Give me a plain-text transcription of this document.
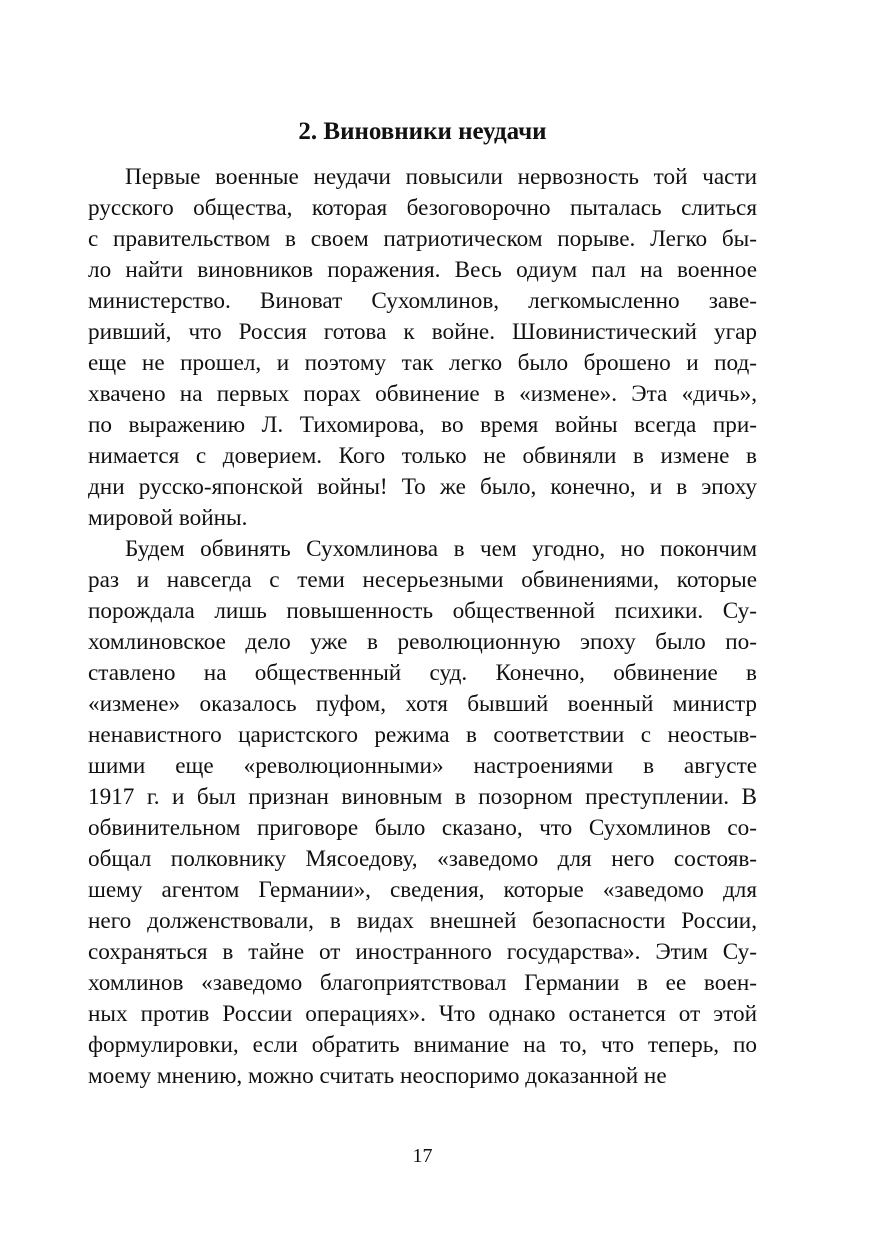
2. Виновники неудачи
Первые военные неудачи повысили нервозность той части
русского общества, которая безоговорочно пыталась слиться
с правительством в своем патриотическом порыве. Легко бы-
ло найти виновников поражения. Весь одиум пал на военное
министерство. Виноват Сухомлинов, легкомысленно заве-
ривший, что Россия готова к войне. Шовинистический угар
еще не прошел, и поэтому так легко было брошено и под-
хвачено на первых порах обвинение в «измене». Эта «дичь»,
по выражению Л. Тихомирова, во время войны всегда при-
нимается с доверием. Кого только не обвиняли в измене в
дни русско-японской войны! То же было, конечно, и в эпоху
мировой войны.
Будем обвинять Сухомлинова в чем угодно, но покончим
раз и навсегда с теми несерьезными обвинениями, которые
порождала лишь повышенность общественной психики. Су-
хомлиновское дело уже в революционную эпоху было по-
ставлено на общественный суд. Конечно, обвинение в
«измене» оказалось пуфом, хотя бывший военный министр
ненавистного царистского режима в соответствии с неостыв-
шими еще «революционными» настроениями в августе
1917 г. и был признан виновным в позорном преступлении. В
обвинительном приговоре было сказано, что Сухомлинов со-
общал полковнику Мясоедову, «заведомо для него состояв-
шему агентом Германии», сведения, которые «заведомо для
него долженствовали, в видах внешней безопасности России,
сохраняться в тайне от иностранного государства». Этим Су-
хомлинов «заведомо благоприятствовал Германии в ее воен-
ных против России операциях». Что однако останется от этой
формулировки, если обратить внимание на то, что теперь, по
моему мнению, можно считать неоспоримо доказанной не
17
